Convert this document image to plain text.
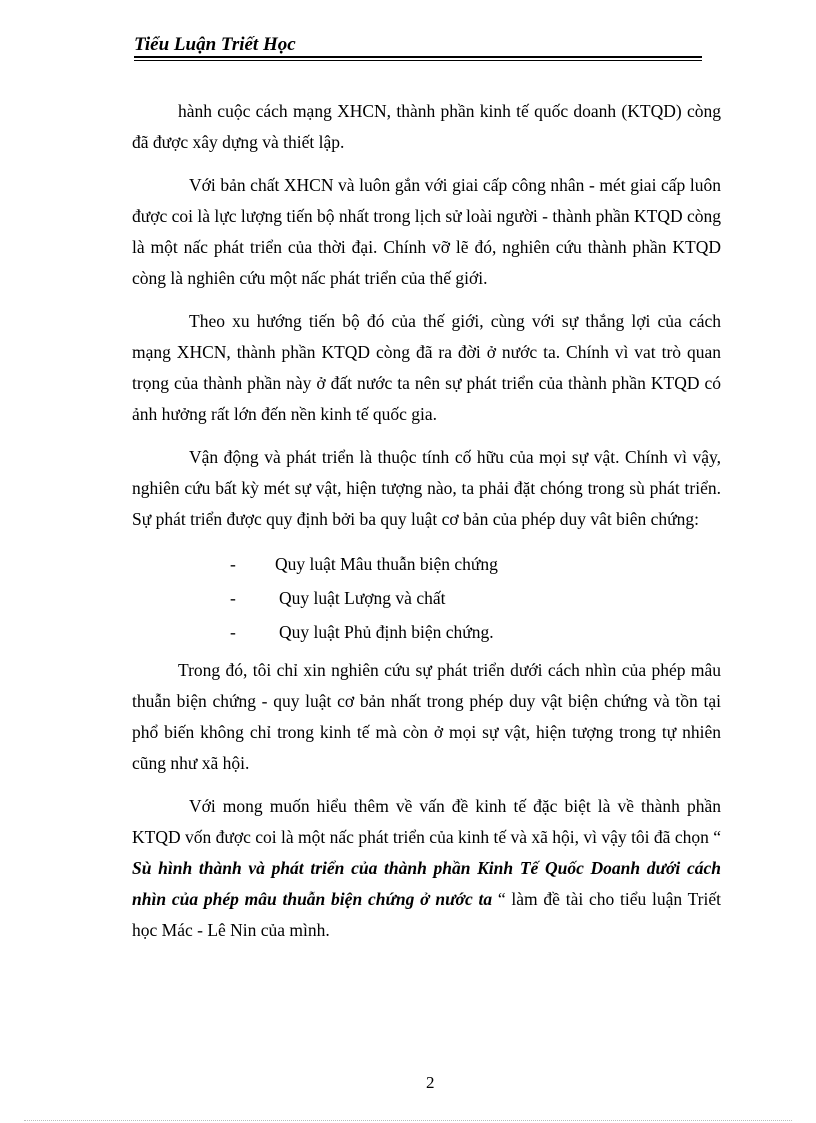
Tiểu Luận Triết Học

hành cuộc cách mạng XHCN, thành phần kinh tế quốc doanh (KTQD) còng đã được xây dựng và thiết lập.

Với bản chất XHCN và luôn gắn với giai cấp công nhân - mét giai cấp luôn được coi là lực lượng tiến bộ nhất trong lịch sử loài người - thành phần KTQD còng là một nấc phát triển của thời đại. Chính vỡ lẽ đó, nghiên cứu thành phần KTQD còng là nghiên cứu một nấc phát triển của thế giới.

Theo xu hướng tiến bộ đó của thế giới, cùng với sự thắng lợi của cách mạng XHCN, thành phần KTQD còng đã ra đời ở nước ta. Chính vì vat trò quan trọng của thành phần này ở đất nước ta nên sự phát triển của thành phần KTQD có ảnh hưởng rất lớn đến nền kinh tế quốc gia.

Vận động và phát triển là thuộc tính cố hữu của mọi sự vật. Chính vì vậy, nghiên cứu bất kỳ mét sự vật, hiện tượng nào, ta phải đặt chóng trong sù phát triển. Sự phát triển được quy định bởi ba quy luật cơ bản của phép duy vât biên chứng:

- Quy luật Mâu thuẫn biện chứng
- Quy luật Lượng và chất
- Quy luật Phủ định biện chứng.

Trong đó, tôi chỉ xin nghiên cứu sự phát triển dưới cách nhìn của phép mâu thuẫn biện chứng - quy luật cơ bản nhất trong phép duy vật biện chứng và tồn tại phổ biến không chỉ trong kinh tế mà còn ở mọi sự vật, hiện tượng trong tự nhiên cũng như xã hội.

Với mong muốn hiểu thêm về vấn đề kinh tế đặc biệt là về thành phần KTQD vốn được coi là một nấc phát triển của kinh tế và xã hội, vì vậy tôi đã chọn “ Sù hình thành và phát triển của thành phần Kinh Tế Quốc Doanh dưới cách nhìn của phép mâu thuẫn biện chứng ở nước ta “ làm đề tài cho tiểu luận Triết học Mác - Lê Nin của mình.

2
